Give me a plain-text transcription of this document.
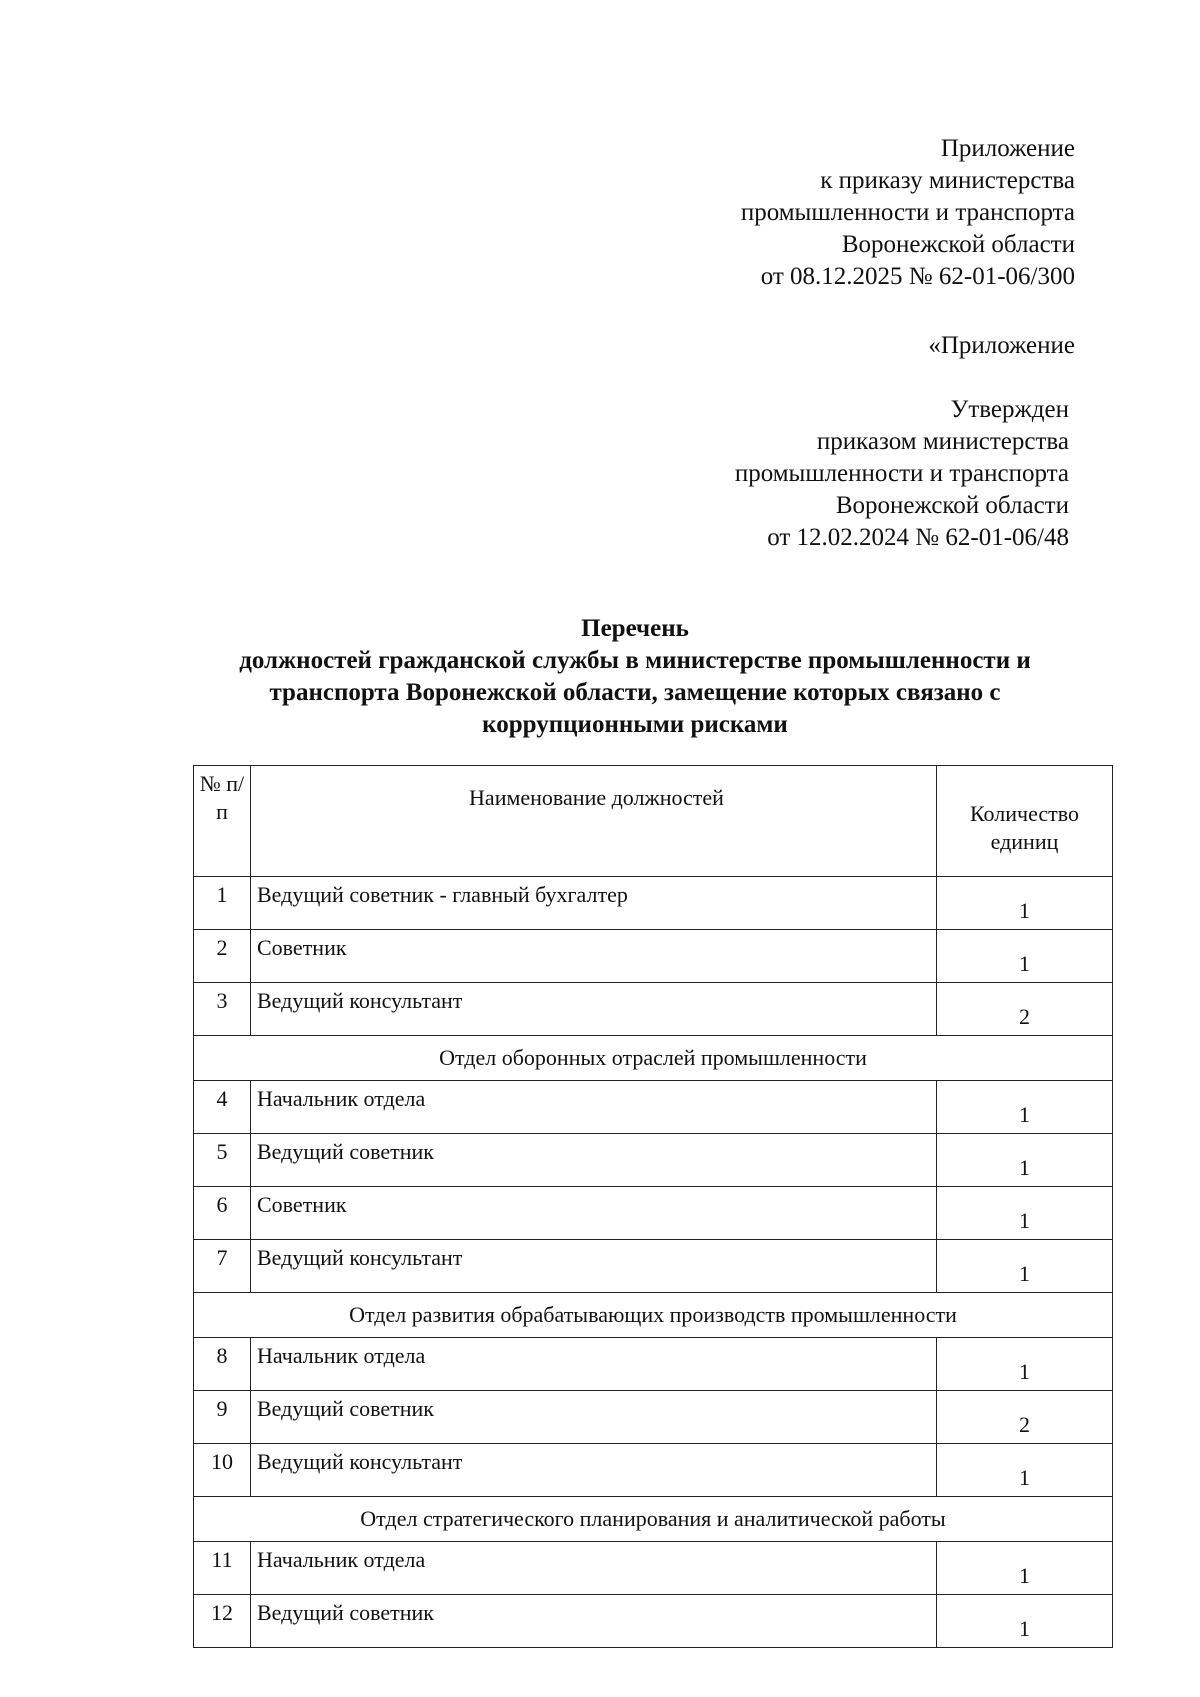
Приложение
к приказу министерства
промышленности и транспорта
Воронежской области
от 08.12.2025 № 62-01-06/300
«Приложение
Утвержден
приказом министерства
промышленности и транспорта
Воронежской области
от 12.02.2024 № 62-01-06/48
Перечень
должностей гражданской службы в министерстве промышленности и
транспорта Воронежской области, замещение которых связано с
коррупционными рисками
№ п/п	Наименование должностей	Количество единиц
1	Ведущий советник - главный бухгалтер	1
2	Советник	1
3	Ведущий консультант	2
Отдел оборонных отраслей промышленности		
4	Начальник отдела	1
5	Ведущий советник	1
6	Советник	1
7	Ведущий консультант	1
Отдел развития обрабатывающих производств промышленности		
8	Начальник отдела	1
9	Ведущий советник	2
10	Ведущий консультант	1
Отдел стратегического планирования и аналитической работы		
11	Начальник отдела	1
12	Ведущий советник	1
